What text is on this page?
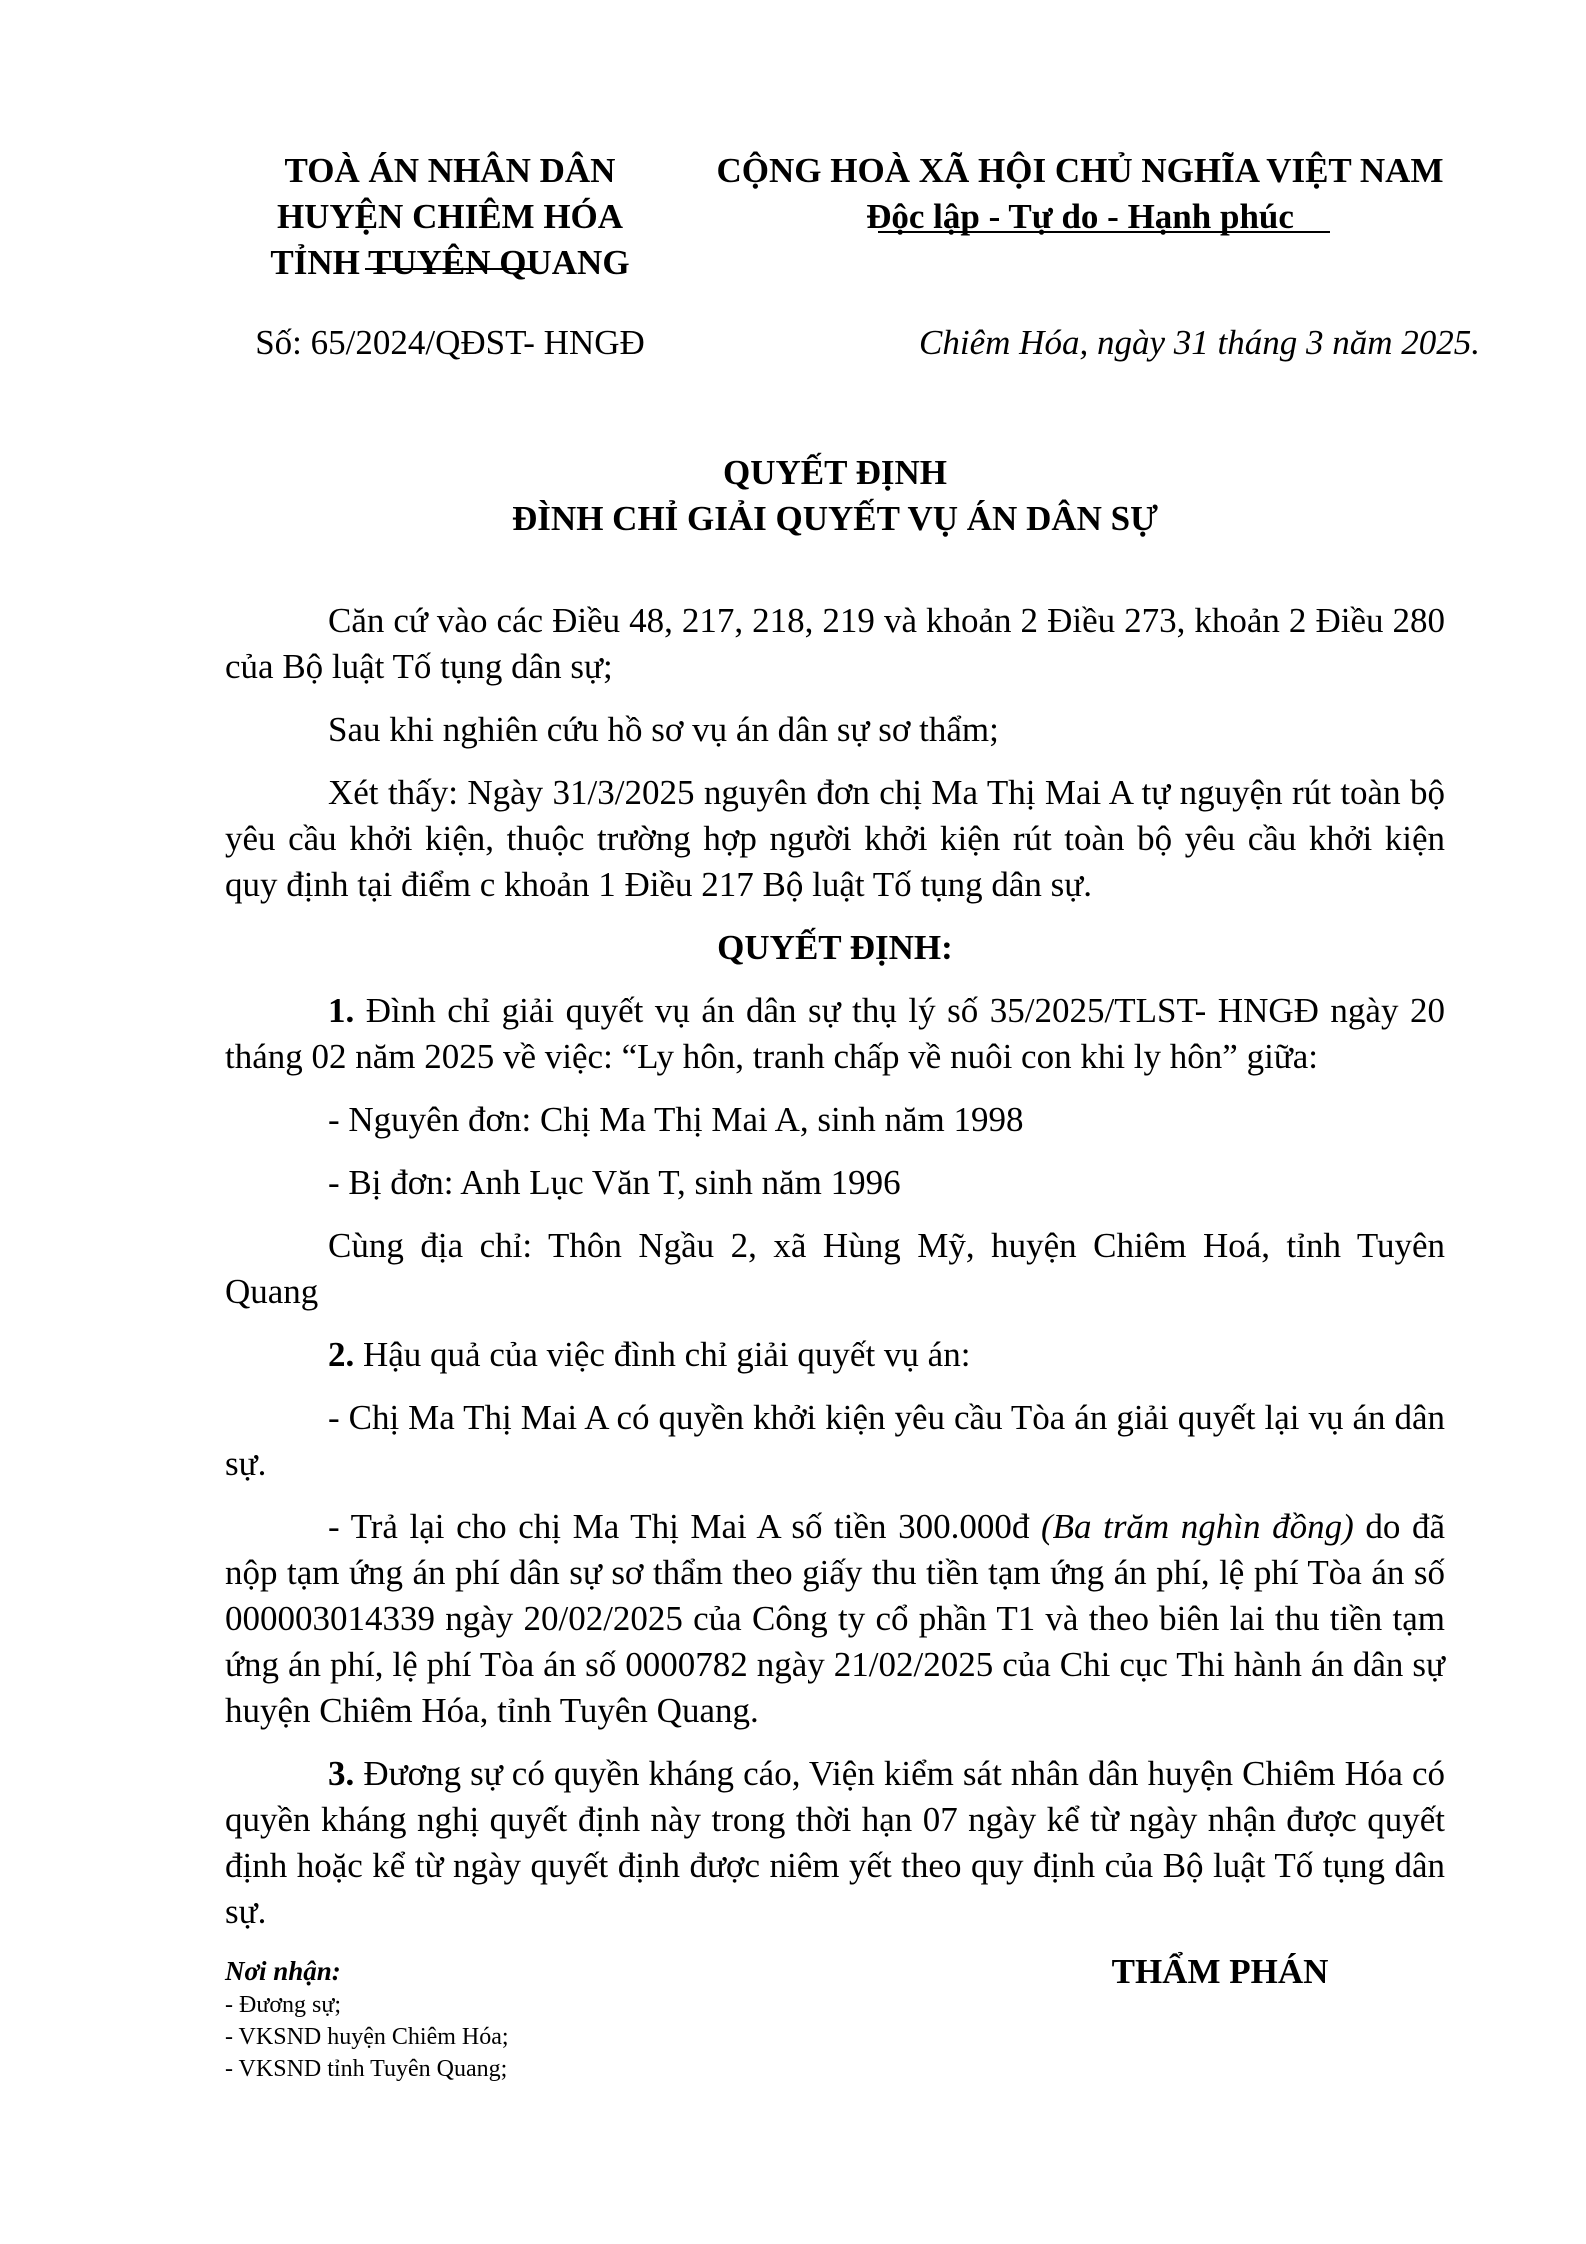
TOÀ ÁN NHÂN DÂN
HUYỆN CHIÊM HÓA
TỈNH TUYÊN QUANG
CỘNG HOÀ XÃ HỘI CHỦ NGHĨA VIỆT NAM
Độc lập - Tự do - Hạnh phúc
Số: 65/2024/QĐST- HNGĐ	Chiêm Hóa, ngày 31 tháng 3 năm 2025.
QUYẾT ĐỊNH
ĐÌNH CHỈ GIẢI QUYẾT VỤ ÁN DÂN SỰ

Căn cứ vào các Điều 48, 217, 218, 219 và khoản 2 Điều 273, khoản 2 Điều 280 của Bộ luật Tố tụng dân sự;

Sau khi nghiên cứu hồ sơ vụ án dân sự sơ thẩm;

Xét thấy: Ngày 31/3/2025 nguyên đơn chị Ma Thị Mai A tự nguyện rút toàn bộ yêu cầu khởi kiện, thuộc trường hợp người khởi kiện rút toàn bộ yêu cầu khởi kiện quy định tại điểm c khoản 1 Điều 217 Bộ luật Tố tụng dân sự.

QUYẾT ĐỊNH:

1. Đình chỉ giải quyết vụ án dân sự thụ lý số 35/2025/TLST- HNGĐ ngày 20 tháng 02 năm 2025 về việc: “Ly hôn, tranh chấp về nuôi con khi ly hôn” giữa:

- Nguyên đơn: Chị Ma Thị Mai A, sinh năm 1998

- Bị đơn: Anh Lục Văn T, sinh năm 1996

Cùng địa chỉ: Thôn Ngầu 2, xã Hùng Mỹ, huyện Chiêm Hoá, tỉnh Tuyên Quang

2. Hậu quả của việc đình chỉ giải quyết vụ án:

- Chị Ma Thị Mai A có quyền khởi kiện yêu cầu Tòa án giải quyết lại vụ án dân sự.

- Trả lại cho chị Ma Thị Mai A số tiền 300.000đ (Ba trăm nghìn đồng) do đã nộp tạm ứng án phí dân sự sơ thẩm theo giấy thu tiền tạm ứng án phí, lệ phí Tòa án số 000003014339 ngày 20/02/2025 của Công ty cổ phần T1 và theo biên lai thu tiền tạm ứng án phí, lệ phí Tòa án số 0000782 ngày 21/02/2025 của Chi cục Thi hành án dân sự huyện Chiêm Hóa, tỉnh Tuyên Quang.

3. Đương sự có quyền kháng cáo, Viện kiểm sát nhân dân huyện Chiêm Hóa có quyền kháng nghị quyết định này trong thời hạn 07 ngày kể từ ngày nhận được quyết định hoặc kể từ ngày quyết định được niêm yết theo quy định của Bộ luật Tố tụng dân sự.

Nơi nhận:
- Đương sự;
- VKSND huyện Chiêm Hóa;
- VKSND tỉnh Tuyên Quang;
THẨM PHÁN
